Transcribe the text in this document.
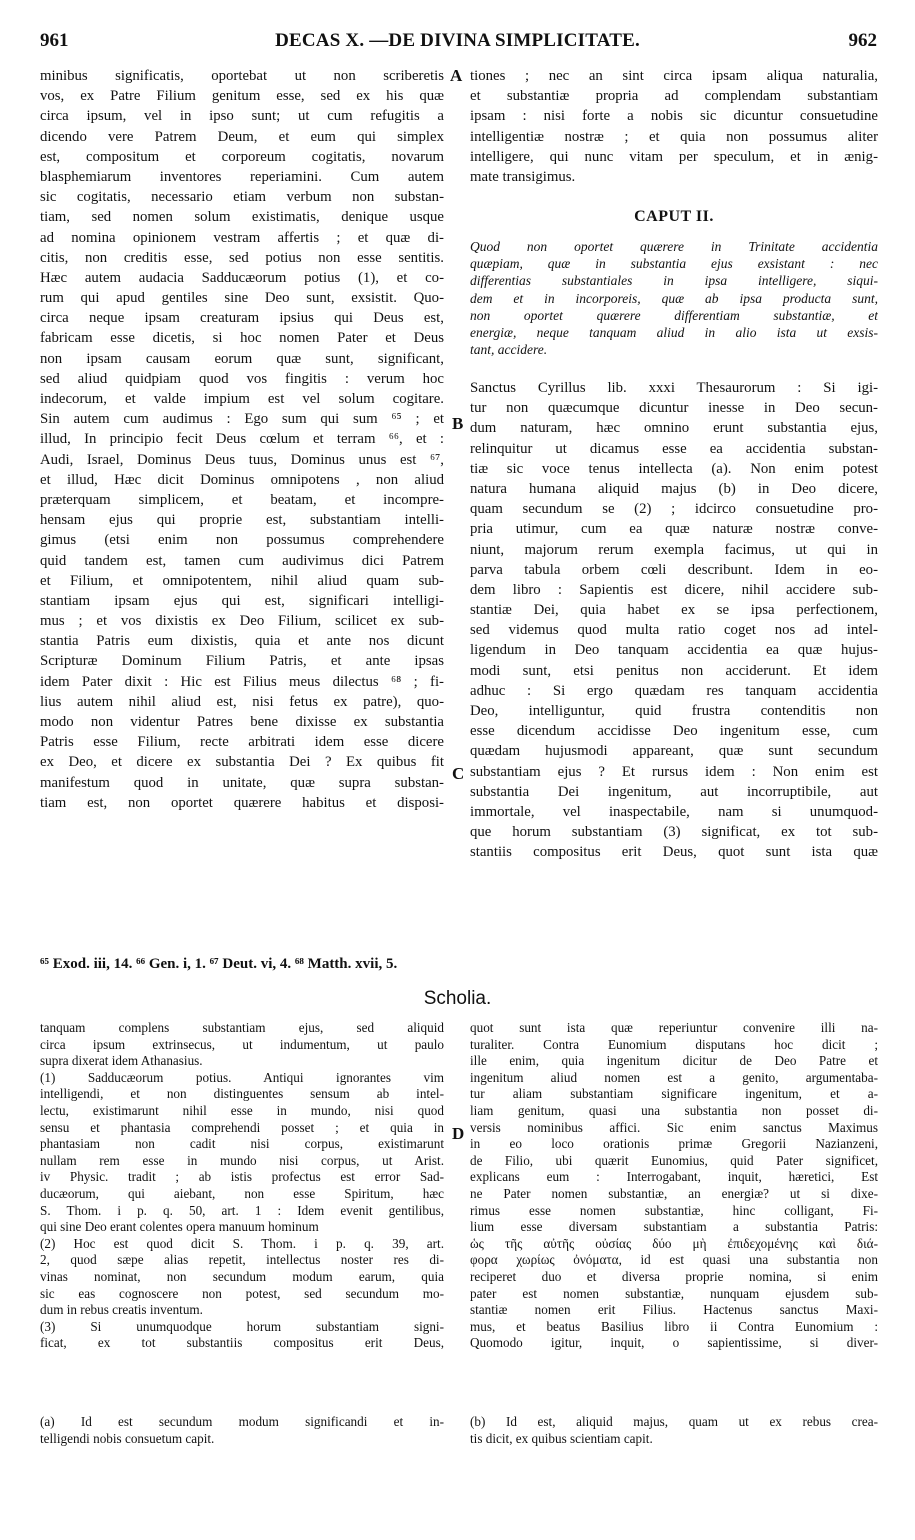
961	DECAS X. —DE DIVINA SIMPLICITATE.	962
A
B
C
D
minibus significatis, oportebat ut non scriberetis
vos, ex Patre Filium genitum esse, sed ex his quæ
circa ipsum, vel in ipso sunt; ut cum refugitis a
dicendo vere Patrem Deum, et eum qui simplex
est, compositum et corporeum cogitatis, novarum
blasphemiarum inventores reperiamini. Cum autem
sic cogitatis, necessario etiam verbum non substan-
tiam, sed nomen solum existimatis, denique usque
ad nomina opinionem vestram affertis ; et quæ di-
citis, non creditis esse, sed potius non esse sentitis.
Hæc autem audacia Sadducæorum potius (1), et co-
rum qui apud gentiles sine Deo sunt, exsistit. Quo-
circa neque ipsam creaturam ipsius qui Deus est,
fabricam esse dicetis, si hoc nomen Pater et Deus
non ipsam causam eorum quæ sunt, significant,
sed aliud quidpiam quod vos fingitis : verum hoc
indecorum, et valde impium est vel solum cogitare.
Sin autem cum audimus : Ego sum qui sum ⁶⁵ ; et
illud, In principio fecit Deus cœlum et terram ⁶⁶, et :
Audi, Israel, Dominus Deus tuus, Dominus unus est ⁶⁷,
et illud, Hæc dicit Dominus omnipotens , non aliud
præterquam simplicem, et beatam, et incompre-
hensam ejus qui proprie est, substantiam intelli-
gimus (etsi enim non possumus comprehendere
quid tandem est, tamen cum audivimus dici Patrem
et Filium, et omnipotentem, nihil aliud quam sub-
stantiam ipsam ejus qui est, significari intelligi-
mus ; et vos dixistis ex Deo Filium, scilicet ex sub-
stantia Patris eum dixistis, quia et ante nos dicunt
Scripturæ Dominum Filium Patris, et ante ipsas
idem Pater dixit : Hic est Filius meus dilectus ⁶⁸ ; fi-
lius autem nihil aliud est, nisi fetus ex patre), quo-
modo non videntur Patres bene dixisse ex substantia
Patris esse Filium, recte arbitrati idem esse dicere
ex Deo, et dicere ex substantia Dei ? Ex quibus fit
manifestum quod in unitate, quæ supra substan-
tiam est, non oportet quærere habitus et disposi-
tiones ; nec an sint circa ipsam aliqua naturalia,
et substantiæ propria ad complendam substantiam
ipsam : nisi forte a nobis sic dicuntur consuetudine
intelligentiæ nostræ ; et quia non possumus aliter
intelligere, qui nunc vitam per speculum, et in ænig-
mate transigimus.
CAPUT II.
Quod non oportet quærere in Trinitate accidentia
quæpiam, quæ in substantia ejus exsistant : nec
differentias substantiales in ipsa intelligere, siqui-
dem et in incorporeis, quæ ab ipsa producta sunt,
non oportet quærere differentiam substantiæ, et
energiæ, neque tanquam aliud in alio ista ut exsis-
tant, accidere.
Sanctus Cyrillus lib. xxxi Thesaurorum : Si igi-
tur non quæcumque dicuntur inesse in Deo secun-
dum naturam, hæc omnino erunt substantia ejus,
relinquitur ut dicamus esse ea accidentia substan-
tiæ sic voce tenus intellecta (a). Non enim potest
natura humana aliquid majus (b) in Deo dicere,
quam secundum se (2) ; idcirco consuetudine pro-
pria utimur, cum ea quæ naturæ nostræ conve-
niunt, majorum rerum exempla facimus, ut qui in
parva tabula orbem cœli describunt. Idem in eo-
dem libro : Sapientis est dicere, nihil accidere sub-
stantiæ Dei, quia habet ex se ipsa perfectionem,
sed videmus quod multa ratio coget nos ad intel-
ligendum in Deo tanquam accidentia ea quæ hujus-
modi sunt, etsi penitus non acciderunt. Et idem
adhuc : Si ergo quædam res tanquam accidentia
Deo, intelliguntur, quid frustra contenditis non
esse dicendum accidisse Deo ingenitum esse, cum
quædam hujusmodi appareant, quæ sunt secundum
substantiam ejus ? Et rursus idem : Non enim est
substantia Dei ingenitum, aut incorruptibile, aut
immortale, vel inaspectabile, nam si unumquod-
que horum substantiam (3) significat, ex tot sub-
stantiis compositus erit Deus, quot sunt ista quæ
⁶⁵ Exod. iii, 14. ⁶⁶ Gen. i, 1. ⁶⁷ Deut. vi, 4. ⁶⁸ Matth. xvii, 5.
Scholia.
tanquam complens substantiam ejus, sed aliquid
circa ipsum extrinsecus, ut indumentum, ut paulo
supra dixerat idem Athanasius.
(1) Sadducæorum potius. Antiqui ignorantes vim
intelligendi, et non distinguentes sensum ab intel-
lectu, existimarunt nihil esse in mundo, nisi quod
sensu et phantasia comprehendi posset ; et quia in
phantasiam non cadit nisi corpus, existimarunt
nullam rem esse in mundo nisi corpus, ut Arist.
iv Physic. tradit ; ab istis profectus est error Sad-
ducæorum, qui aiebant, non esse Spiritum, hæc
S. Thom. i p. q. 50, art. 1 : Idem evenit gentilibus,
qui sine Deo erant colentes opera manuum hominum
(2) Hoc est quod dicit S. Thom. i p. q. 39, art.
2, quod sæpe alias repetit, intellectus noster res di-
vinas nominat, non secundum modum earum, quia
sic eas cognoscere non potest, sed secundum mo-
dum in rebus creatis inventum.
(3) Si unumquodque horum substantiam signi-
ficat, ex tot substantiis compositus erit Deus,
quot sunt ista quæ reperiuntur convenire illi na-
turaliter. Contra Eunomium disputans hoc dicit ;
ille enim, quia ingenitum dicitur de Deo Patre et
ingenitum aliud nomen est a genito, argumentaba-
tur aliam substantiam significare ingenitum, et a-
liam genitum, quasi una substantia non posset di-
versis nominibus affici. Sic enim sanctus Maximus
in eo loco orationis primæ Gregorii Nazianzeni,
de Filio, ubi quærit Eunomius, quid Pater significet,
explicans eum : Interrogabant, inquit, hæretici, Est
ne Pater nomen substantiæ, an energiæ? ut si dixe-
rimus esse nomen substantiæ, hinc colligant, Fi-
lium esse diversam substantiam a substantia Patris:
ὡς τῆς αὐτῆς οὐσίας δύο μὴ ἐπιδεχομένης καὶ διά-
φορα χωρίως ὀνόματα, id est quasi una substantia non
reciperet duo et diversa proprie nomina, si enim
pater est nomen substantiæ, nunquam ejusdem sub-
stantiæ nomen erit Filius. Hactenus sanctus Maxi-
mus, et beatus Basilius libro ii Contra Eunomium :
Quomodo igitur, inquit, o sapientissime, si diver-
(a) Id est secundum modum significandi et in-
telligendi nobis consuetum capit.
(b) Id est, aliquid majus, quam ut ex rebus crea-
tis dicit, ex quibus scientiam capit.
